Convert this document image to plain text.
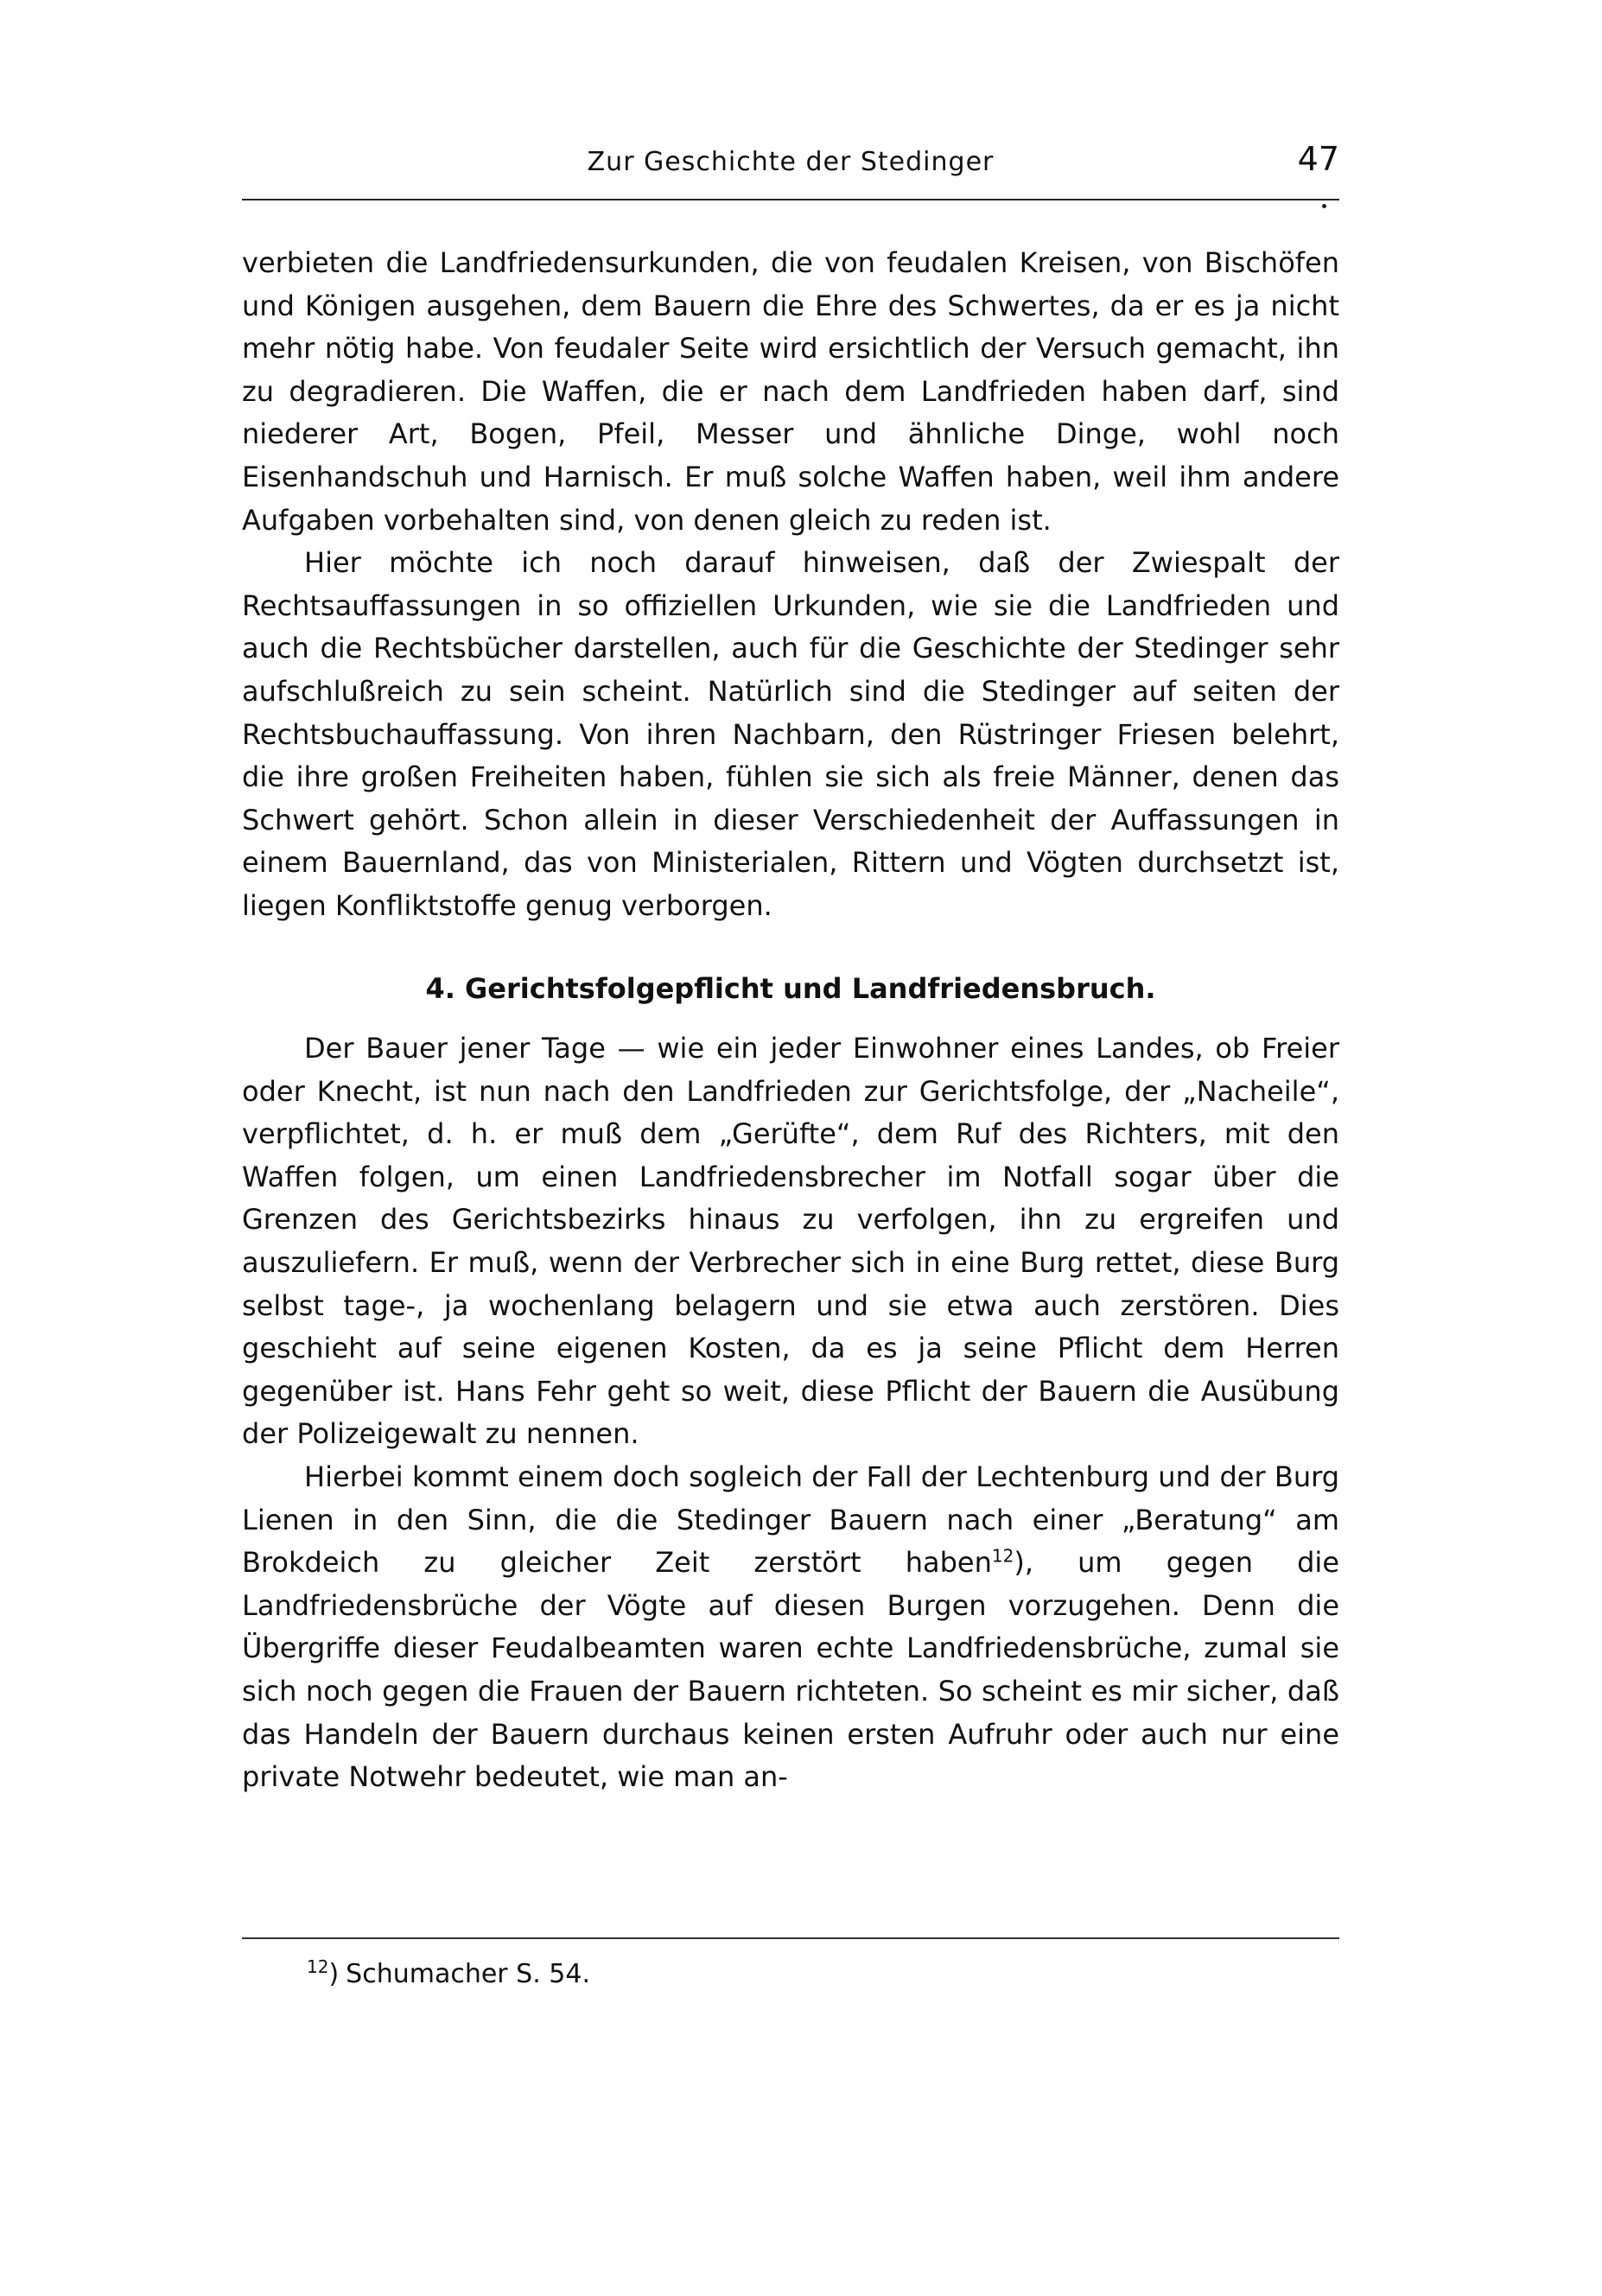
Zur Geschichte der Stedinger	47

verbieten die Landfriedensurkunden, die von feudalen Kreisen, von Bischöfen und Königen ausgehen, dem Bauern die Ehre des Schwertes, da er es ja nicht mehr nötig habe. Von feudaler Seite wird ersichtlich der Versuch gemacht, ihn zu degradieren. Die Waffen, die er nach dem Landfrieden haben darf, sind niederer Art, Bogen, Pfeil, Messer und ähnliche Dinge, wohl noch Eisenhandschuh und Harnisch. Er muß solche Waffen haben, weil ihm andere Aufgaben vorbehalten sind, von denen gleich zu reden ist.

Hier möchte ich noch darauf hinweisen, daß der Zwiespalt der Rechtsauffassungen in so offiziellen Urkunden, wie sie die Landfrieden und auch die Rechtsbücher darstellen, auch für die Geschichte der Stedinger sehr aufschlußreich zu sein scheint. Natürlich sind die Stedinger auf seiten der Rechtsbuchauffassung. Von ihren Nachbarn, den Rüstringer Friesen belehrt, die ihre großen Freiheiten haben, fühlen sie sich als freie Männer, denen das Schwert gehört. Schon allein in dieser Verschiedenheit der Auffassungen in einem Bauernland, das von Ministerialen, Rittern und Vögten durchsetzt ist, liegen Konfliktstoffe genug verborgen.

4. Gerichtsfolgepflicht und Landfriedensbruch.

Der Bauer jener Tage — wie ein jeder Einwohner eines Landes, ob Freier oder Knecht, ist nun nach den Landfrieden zur Gerichtsfolge, der „Nacheile“, verpflichtet, d. h. er muß dem „Gerüfte“, dem Ruf des Richters, mit den Waffen folgen, um einen Landfriedensbrecher im Notfall sogar über die Grenzen des Gerichtsbezirks hinaus zu verfolgen, ihn zu ergreifen und auszuliefern. Er muß, wenn der Verbrecher sich in eine Burg rettet, diese Burg selbst tage-, ja wochenlang belagern und sie etwa auch zerstören. Dies geschieht auf seine eigenen Kosten, da es ja seine Pflicht dem Herren gegenüber ist. Hans Fehr geht so weit, diese Pflicht der Bauern die Ausübung der Polizeigewalt zu nennen.

Hierbei kommt einem doch sogleich der Fall der Lechtenburg und der Burg Lienen in den Sinn, die die Stedinger Bauern nach einer „Beratung“ am Brokdeich zu gleicher Zeit zerstört haben$^{12}$), um gegen die Landfriedensbrüche der Vögte auf diesen Burgen vorzugehen. Denn die Übergriffe dieser Feudalbeamten waren echte Landfriedensbrüche, zumal sie sich noch gegen die Frauen der Bauern richteten. So scheint es mir sicher, daß das Handeln der Bauern durchaus keinen ersten Aufruhr oder auch nur eine private Notwehr bedeutet, wie man an-

$^{12}$) Schumacher S. 54.
